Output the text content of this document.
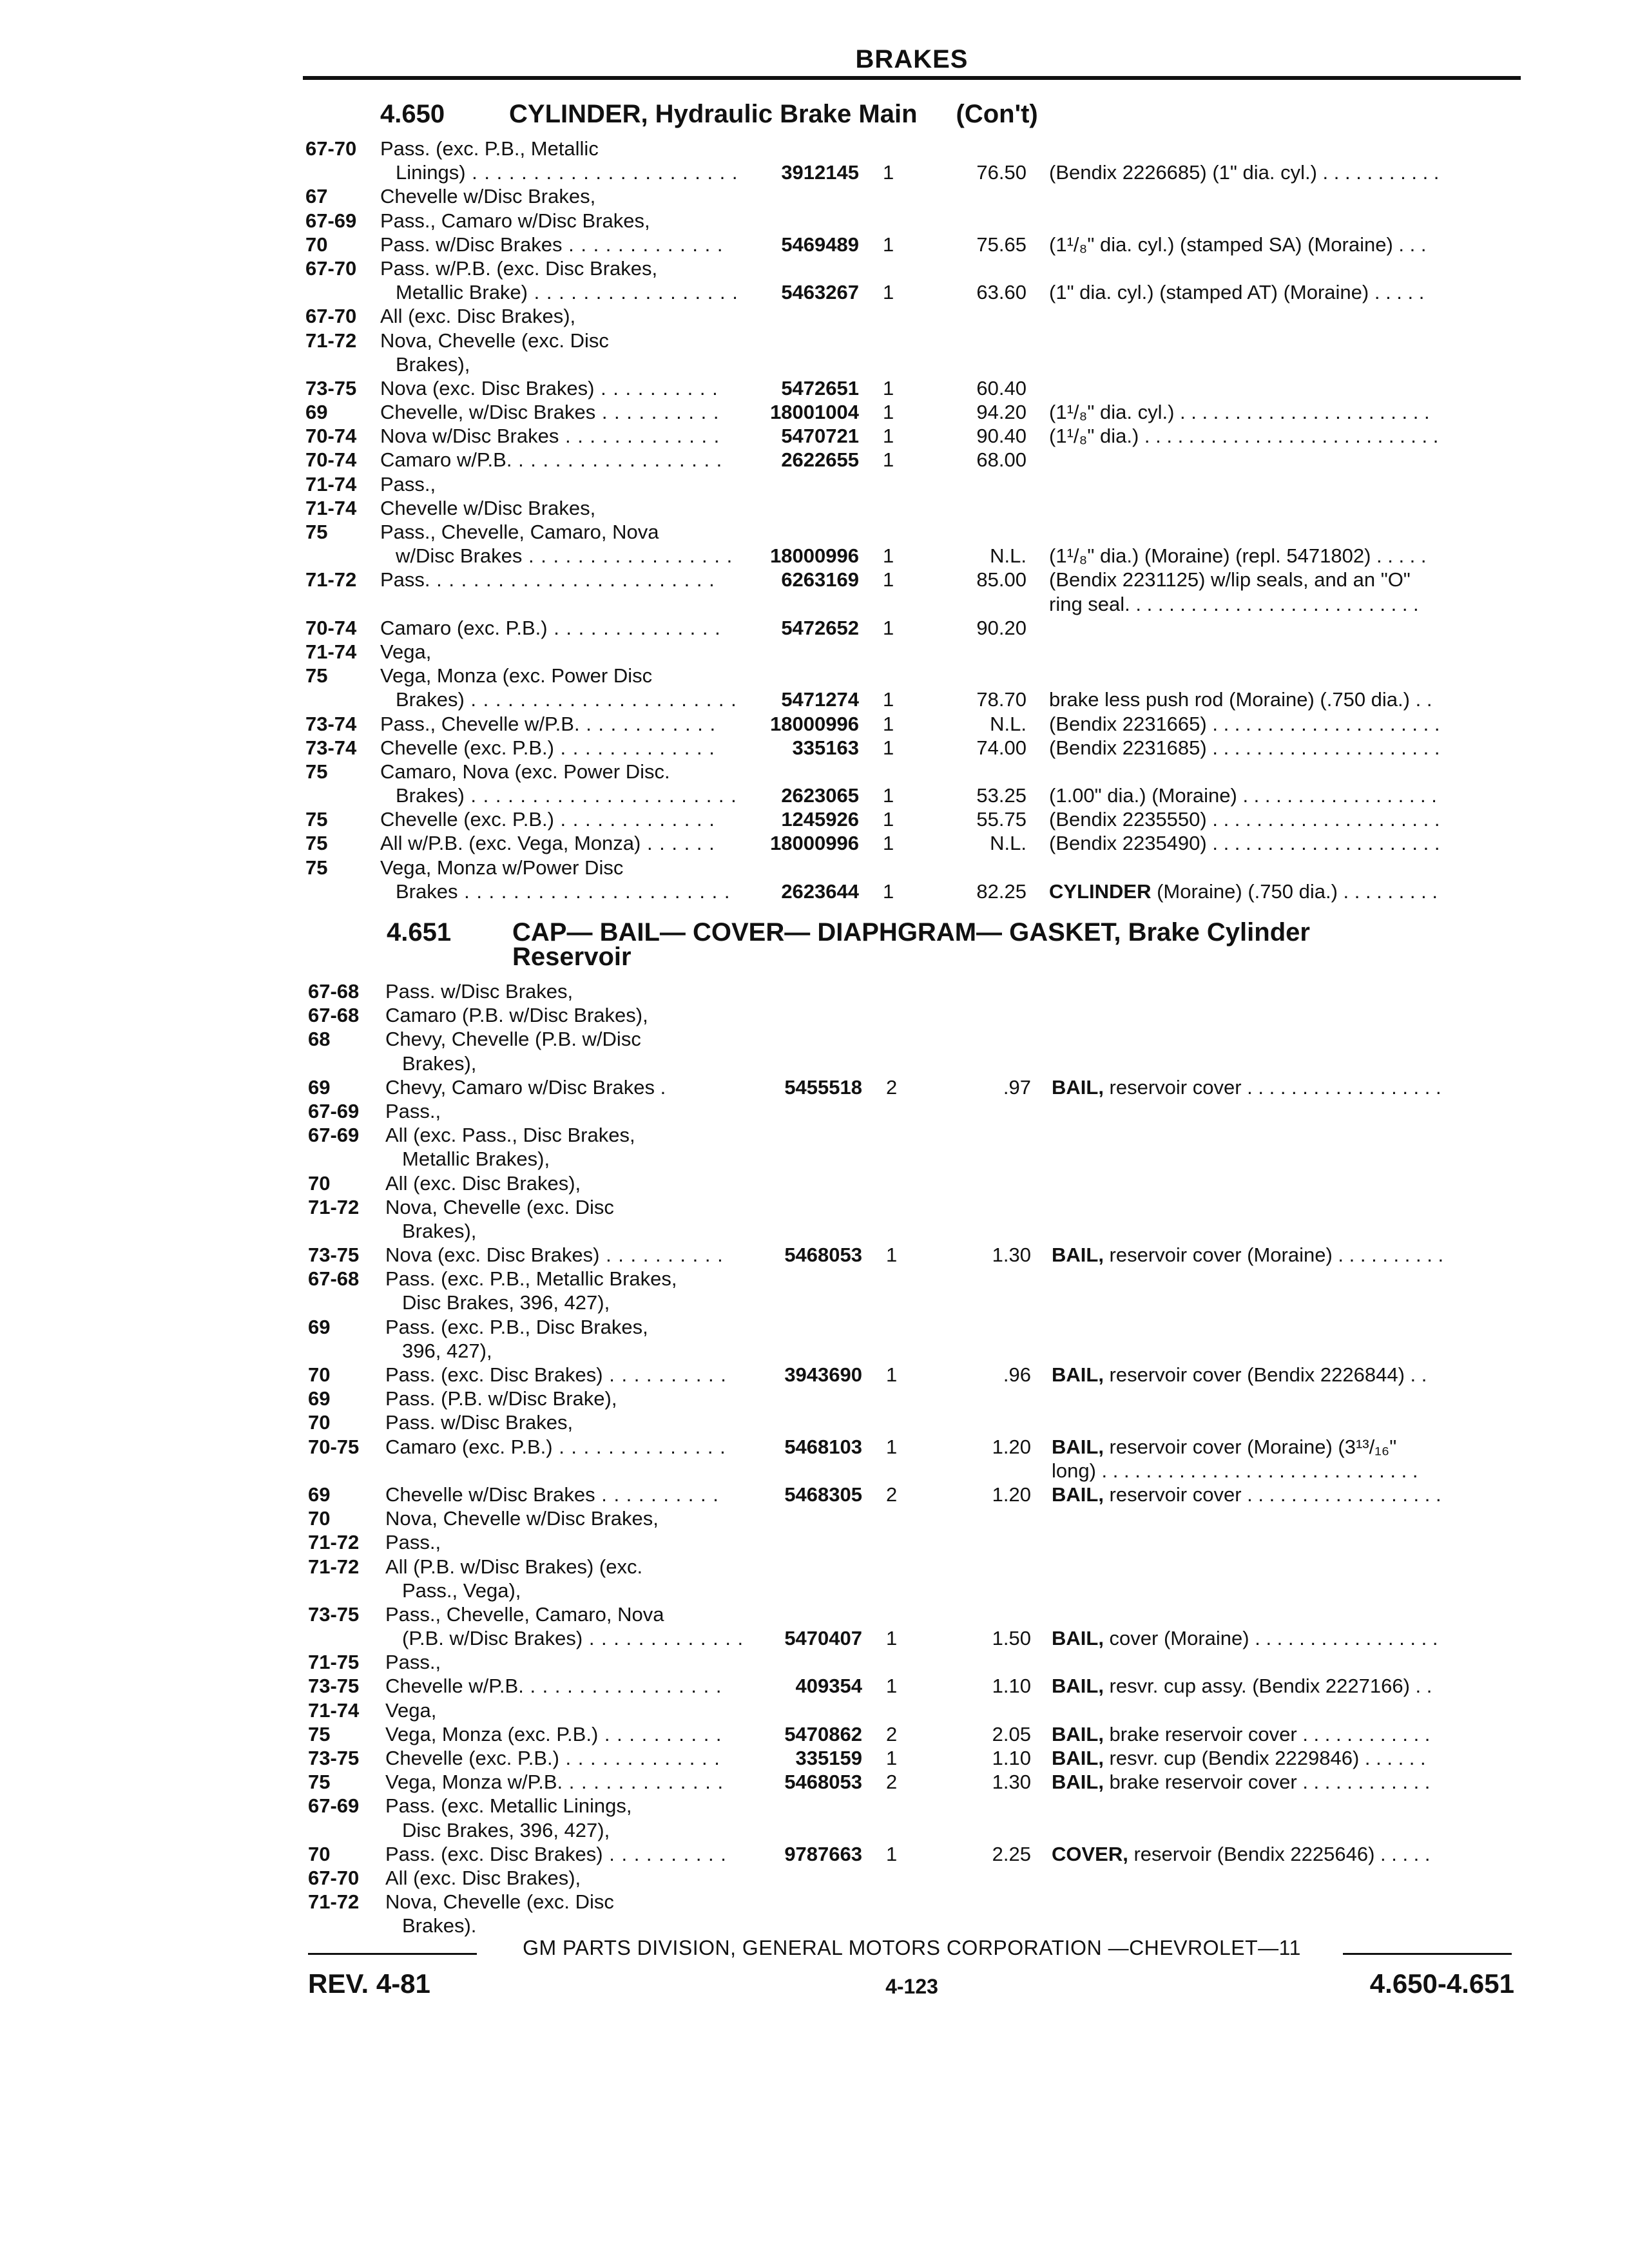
BRAKES
4.650 CYLINDER, Hydraulic Brake Main (Con't)
67-70 Pass. (exc. P.B., Metallic
Linings) . . .	3912145 1	76.50 (Bendix 2226685) (1" dia. cyl.) . . . . . . . . . . .
67	Chevelle w/Disc Brakes,
67-69 Pass., Camaro w/Disc Brakes,
70	Pass. w/Disc Brakes . . .	5469489 1	75.65 (1¹/₈" dia. cyl.) (stamped SA) (Moraine) . . .
67-70 Pass. w/P.B. (exc. Disc Brakes,
Metallic Brake) . . .	5463267 1	63.60 (1" dia. cyl.) (stamped AT) (Moraine) . . . . .
67-70 All (exc. Disc Brakes),
71-72 Nova, Chevelle (exc. Disc
Brakes),
73-75 Nova (exc. Disc Brakes) . . .	5472651 1	60.40
69	Chevelle, w/Disc Brakes . . .	18001004 1	94.20 (1¹/₈" dia. cyl.) . . . . . . . . . . . . . . . . . . . . . . .
70-74 Nova w/Disc Brakes . . .	5470721 1	90.40 (1¹/₈" dia.) . . . . . . . . . . . . . . . . . . . . . . . . . . .
70-74 Camaro w/P.B. . . .	2622655 1	68.00
71-74 Pass.,
71-74 Chevelle w/Disc Brakes,
75	Pass., Chevelle, Camaro, Nova
w/Disc Brakes . . .	18000996 1	N.L. (1¹/₈" dia.) (Moraine) (repl. 5471802) . . . . .
71-72 Pass. . . .	6263169 1	85.00 (Bendix 2231125) w/lip seals, and an "O"
ring seal. . . . . . . . . . . . . . . . . . . . . . . . . . .
70-74 Camaro (exc. P.B.) . . .	5472652 1	90.20
71-74 Vega,
75	Vega, Monza (exc. Power Disc
Brakes) . . .	5471274 1	78.70 brake less push rod (Moraine) (.750 dia.) . .
73-74 Pass., Chevelle w/P.B. . . .	18000996 1	N.L. (Bendix 2231665) . . . . . . . . . . . . . . . . . . . . .
73-74 Chevelle (exc. P.B.) . . .	335163 1	74.00 (Bendix 2231685) . . . . . . . . . . . . . . . . . . . . .
75	Camaro, Nova (exc. Power Disc.
Brakes) . . .	2623065 1	53.25 (1.00" dia.) (Moraine) . . . . . . . . . . . . . . . . . .
75	Chevelle (exc. P.B.) . . .	1245926 1	55.75 (Bendix 2235550) . . . . . . . . . . . . . . . . . . . . .
75	All w/P.B. (exc. Vega, Monza) . . .	18000996 1	N.L. (Bendix 2235490) . . . . . . . . . . . . . . . . . . . . .
75	Vega, Monza w/Power Disc
Brakes . . .	2623644 1	82.25 CYLINDER (Moraine) (.750 dia.) . . . . . . . . .
4.651 CAP— BAIL— COVER— DIAPHGRAM— GASKET, Brake Cylinder
Reservoir
67-68 Pass. w/Disc Brakes,
67-68 Camaro (P.B. w/Disc Brakes),
68	Chevy, Chevelle (P.B. w/Disc
Brakes),
69	Chevy, Camaro w/Disc Brakes .	5455518 2	.97 BAIL, reservoir cover . . . . . . . . . . . . . . . . . .
67-69 Pass.,
67-69 All (exc. Pass., Disc Brakes,
Metallic Brakes),
70	All (exc. Disc Brakes),
71-72 Nova, Chevelle (exc. Disc
Brakes),
73-75 Nova (exc. Disc Brakes) . . .	5468053 1	1.30 BAIL, reservoir cover (Moraine) . . . . . . . . . .
67-68 Pass. (exc. P.B., Metallic Brakes,
Disc Brakes, 396, 427),
69	Pass. (exc. P.B., Disc Brakes,
396, 427),
70	Pass. (exc. Disc Brakes) . . .	3943690 1	.96 BAIL, reservoir cover (Bendix 2226844) . .
69	Pass. (P.B. w/Disc Brake),
70	Pass. w/Disc Brakes,
70-75 Camaro (exc. P.B.) . . .	5468103 1	1.20 BAIL, reservoir cover (Moraine) (3¹³/₁₆"
long) . . . . . . . . . . . . . . . . . . . . . . . . . . . . .
69	Chevelle w/Disc Brakes . . .	5468305 2	1.20 BAIL, reservoir cover . . . . . . . . . . . . . . . . . .
70	Nova, Chevelle w/Disc Brakes,
71-72 Pass.,
71-72 All (P.B. w/Disc Brakes) (exc.
Pass., Vega),
73-75 Pass., Chevelle, Camaro, Nova
(P.B. w/Disc Brakes) . . .	5470407 1	1.50 BAIL, cover (Moraine) . . . . . . . . . . . . . . . . .
71-75 Pass.,
73-75 Chevelle w/P.B. . . .	409354 1	1.10 BAIL, resvr. cup assy. (Bendix 2227166) . .
71-74 Vega,
75	Vega, Monza (exc. P.B.) . . .	5470862 2	2.05 BAIL, brake reservoir cover . . . . . . . . . . . .
73-75 Chevelle (exc. P.B.) . . .	335159 1	1.10 BAIL, resvr. cup (Bendix 2229846) . . . . . .
75	Vega, Monza w/P.B. . . .	5468053 2	1.30 BAIL, brake reservoir cover . . . . . . . . . . . .
67-69 Pass. (exc. Metallic Linings,
Disc Brakes, 396, 427),
70	Pass. (exc. Disc Brakes) . . .	9787663 1	2.25 COVER, reservoir (Bendix 2225646) . . . . .
67-70 All (exc. Disc Brakes),
71-72 Nova, Chevelle (exc. Disc
Brakes).
GM PARTS DIVISION, GENERAL MOTORS CORPORATION —CHEVROLET—11
REV. 4-81	4-123	4.650-4.651
